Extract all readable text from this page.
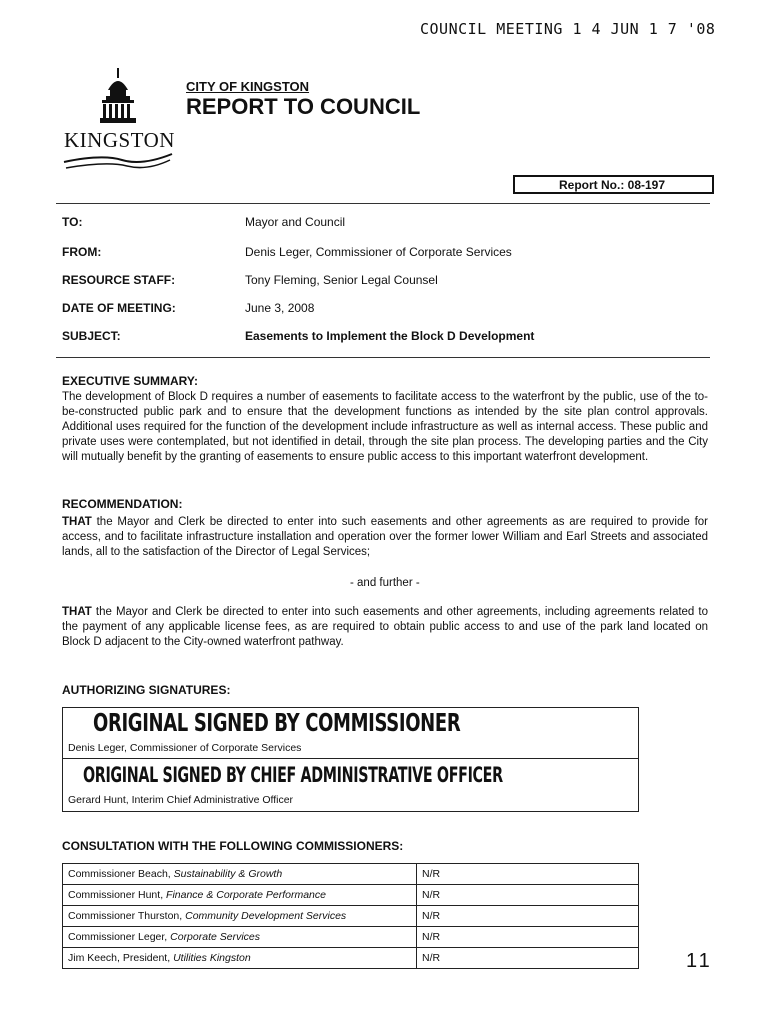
COUNCIL MEETING 1 4 JUN 1 7 '08
KINGSTON
CITY OF KINGSTON
REPORT TO COUNCIL
Report No.: 08-197
TO:	Mayor and Council
FROM:	Denis Leger, Commissioner of Corporate Services
RESOURCE STAFF:	Tony Fleming, Senior Legal Counsel
DATE OF MEETING:	June 3, 2008
SUBJECT:	Easements to Implement the Block D Development
EXECUTIVE SUMMARY:
The development of Block D requires a number of easements to facilitate access to the waterfront by the public, use of the to-be-constructed public park and to ensure that the development functions as intended by the site plan control approvals. Additional uses required for the function of the development include infrastructure as well as internal access. These public and private uses were contemplated, but not identified in detail, through the site plan process. The developing parties and the City will mutually benefit by the granting of easements to ensure public access to this important waterfront development.
RECOMMENDATION:
THAT the Mayor and Clerk be directed to enter into such easements and other agreements as are required to provide for access, and to facilitate infrastructure installation and operation over the former lower William and Earl Streets and associated lands, all to the satisfaction of the Director of Legal Services;
- and further -
THAT the Mayor and Clerk be directed to enter into such easements and other agreements, including agreements related to the payment of any applicable license fees, as are required to obtain public access to and use of the park land located on Block D adjacent to the City-owned waterfront pathway.
AUTHORIZING SIGNATURES:
ORIGINAL SIGNED BY COMMISSIONER
Denis Leger, Commissioner of Corporate Services
ORIGINAL SIGNED BY CHIEF ADMINISTRATIVE OFFICER
Gerard Hunt, Interim Chief Administrative Officer
CONSULTATION WITH THE FOLLOWING COMMISSIONERS:
Commissioner Beach, Sustainability & Growth	N/R
Commissioner Hunt, Finance & Corporate Performance	N/R
Commissioner Thurston, Community Development Services	N/R
Commissioner Leger, Corporate Services	N/R
Jim Keech, President, Utilities Kingston	N/R	11
